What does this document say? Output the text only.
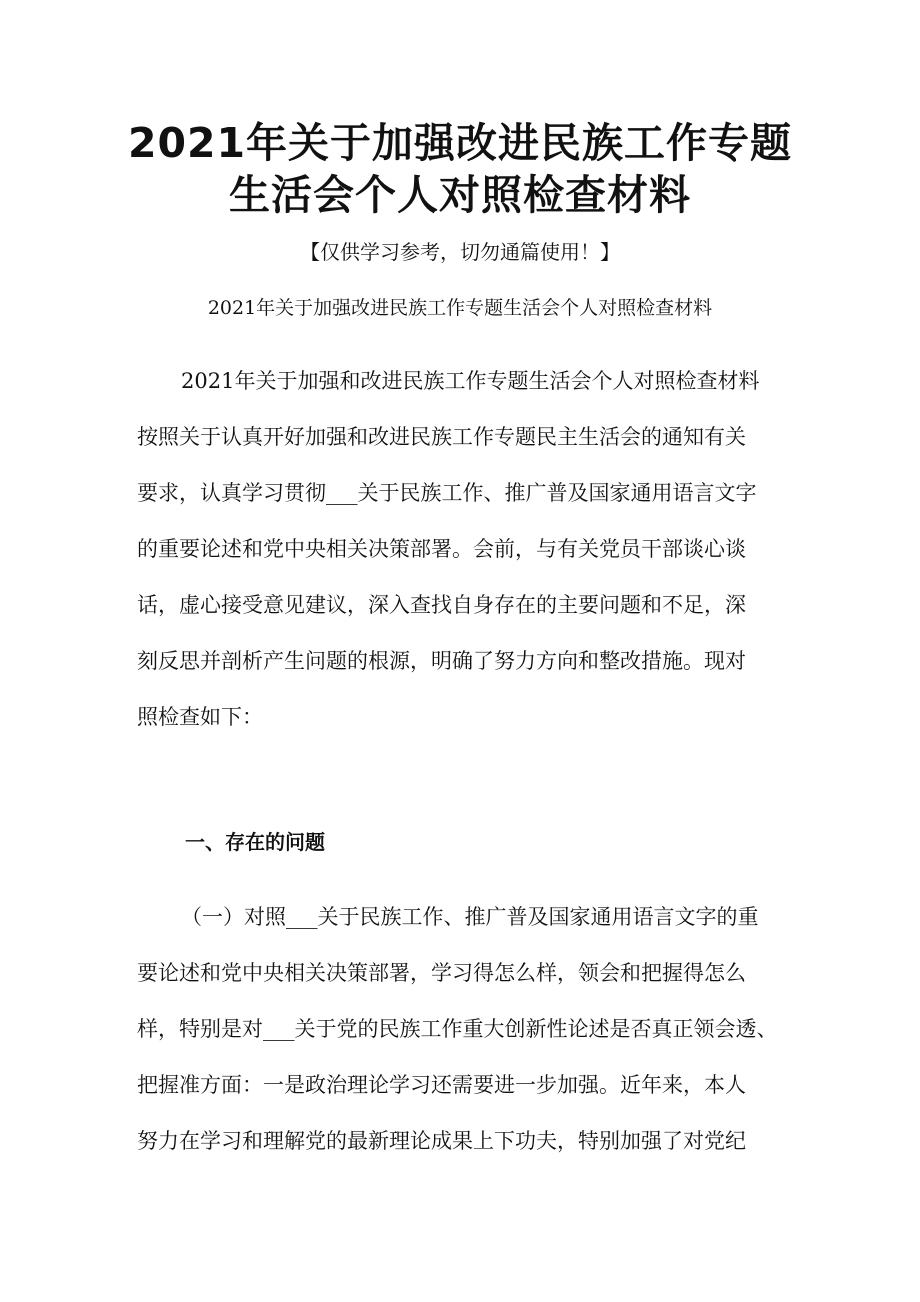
2021年关于加强改进民族工作专题
生活会个人对照检查材料
【仅供学习参考，切勿通篇使用！】
2021年关于加强改进民族工作专题生活会个人对照检查材料
2021年关于加强和改进民族工作专题生活会个人对照检查材料
按照关于认真开好加强和改进民族工作专题民主生活会的通知有关
要求，认真学习贯彻___关于民族工作、推广普及国家通用语言文字
的重要论述和党中央相关决策部署。会前，与有关党员干部谈心谈
话，虚心接受意见建议，深入查找自身存在的主要问题和不足，深
刻反思并剖析产生问题的根源，明确了努力方向和整改措施。现对
照检查如下：
一、存在的问题
（一）对照___关于民族工作、推广普及国家通用语言文字的重
要论述和党中央相关决策部署，学习得怎么样，领会和把握得怎么
样，特别是对___关于党的民族工作重大创新性论述是否真正领会透、
把握准方面：一是政治理论学习还需要进一步加强。近年来，本人
努力在学习和理解党的最新理论成果上下功夫，特别加强了对党纪
